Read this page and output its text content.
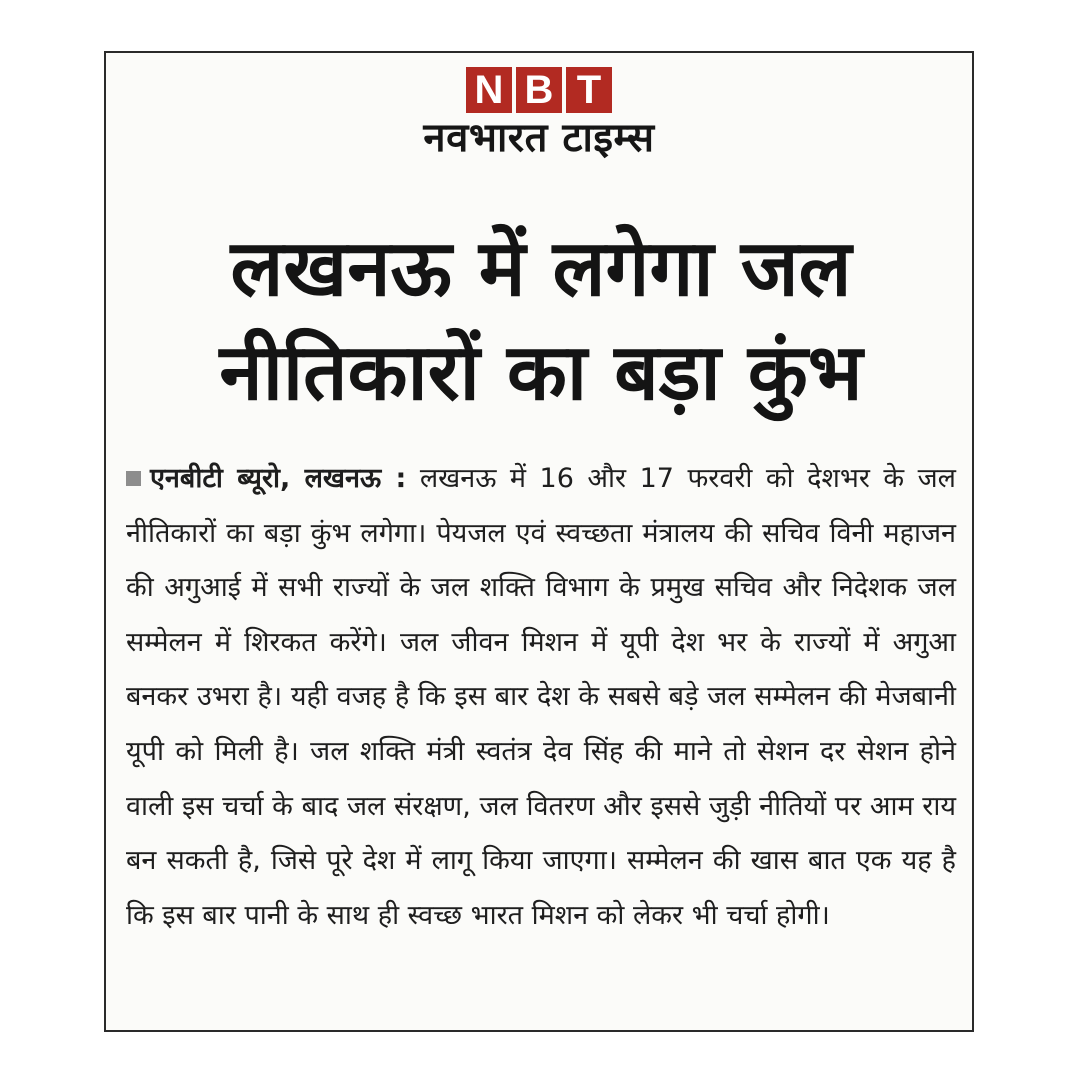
N B T
नवभारत टाइम्स
लखनऊ में लगेगा जल नीतिकारों का बड़ा कुंभ

एनबीटी ब्यूरो, लखनऊ : लखनऊ में 16 और 17 फरवरी को देशभर के जल नीतिकारों का बड़ा कुंभ लगेगा। पेयजल एवं स्वच्छता मंत्रालय की सचिव विनी महाजन की अगुआई में सभी राज्यों के जल शक्ति विभाग के प्रमुख सचिव और निदेशक जल सम्मेलन में शिरकत करेंगे। जल जीवन मिशन में यूपी देश भर के राज्यों में अगुआ बनकर उभरा है। यही वजह है कि इस बार देश के सबसे बड़े जल सम्मेलन की मेजबानी यूपी को मिली है। जल शक्ति मंत्री स्वतंत्र देव सिंह की माने तो सेशन दर सेशन होने वाली इस चर्चा के बाद जल संरक्षण, जल वितरण और इससे जुड़ी नीतियों पर आम राय बन सकती है, जिसे पूरे देश में लागू किया जाएगा। सम्मेलन की खास बात एक यह है कि इस बार पानी के साथ ही स्वच्छ भारत मिशन को लेकर भी चर्चा होगी।
